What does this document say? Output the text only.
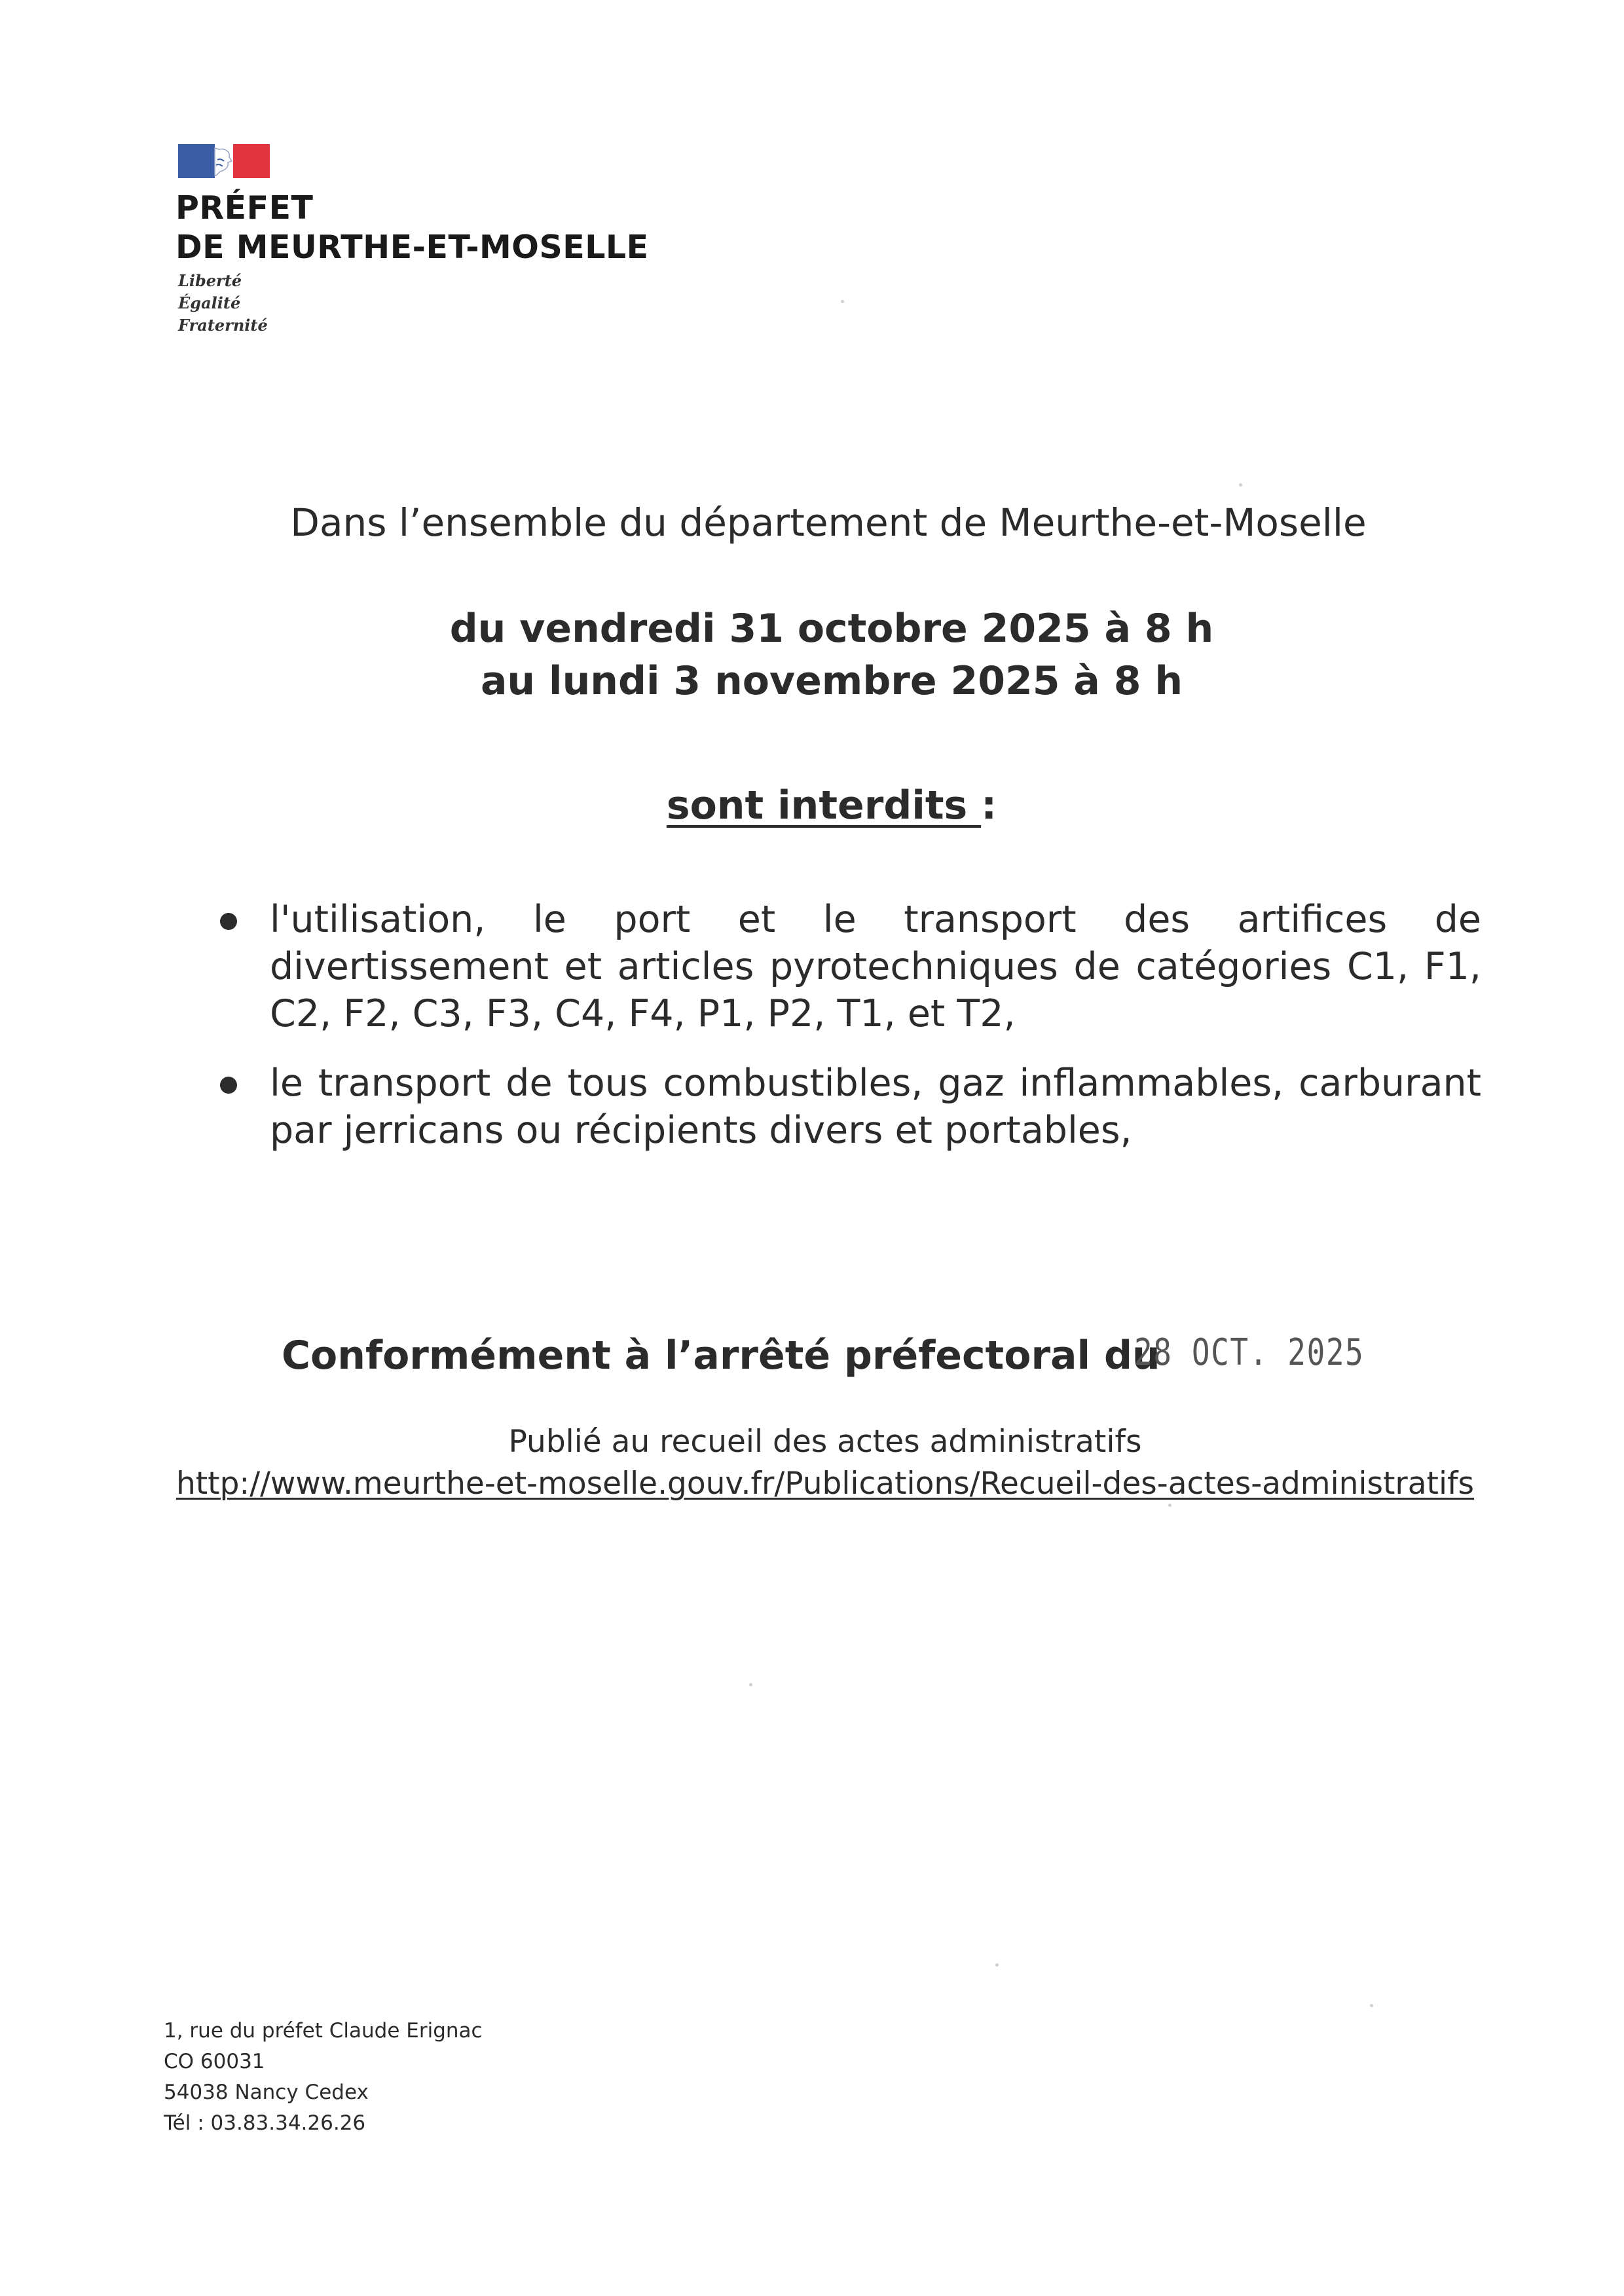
PRÉFET
DE MEURTHE-ET-MOSELLE
Liberté
Égalité
Fraternité
Dans l’ensemble du département de Meurthe-et-Moselle
du vendredi 31 octobre 2025 à 8 h
au lundi 3 novembre 2025 à 8 h
sont interdits :
l'utilisation, le port et le transport des artifices de divertissement et articles pyrotechniques de catégories C1, F1, C2, F2, C3, F3, C4, F4, P1, P2, T1, et T2,
le transport de tous combustibles, gaz inflammables, carburant par jerricans ou récipients divers et portables,
Conformément à l’arrêté préfectoral du
28 OCT. 2025
Publié au recueil des actes administratifs
http://www.meurthe-et-moselle.gouv.fr/Publications/Recueil-des-actes-administratifs
1, rue du préfet Claude Erignac
CO 60031
54038 Nancy Cedex
Tél : 03.83.34.26.26
